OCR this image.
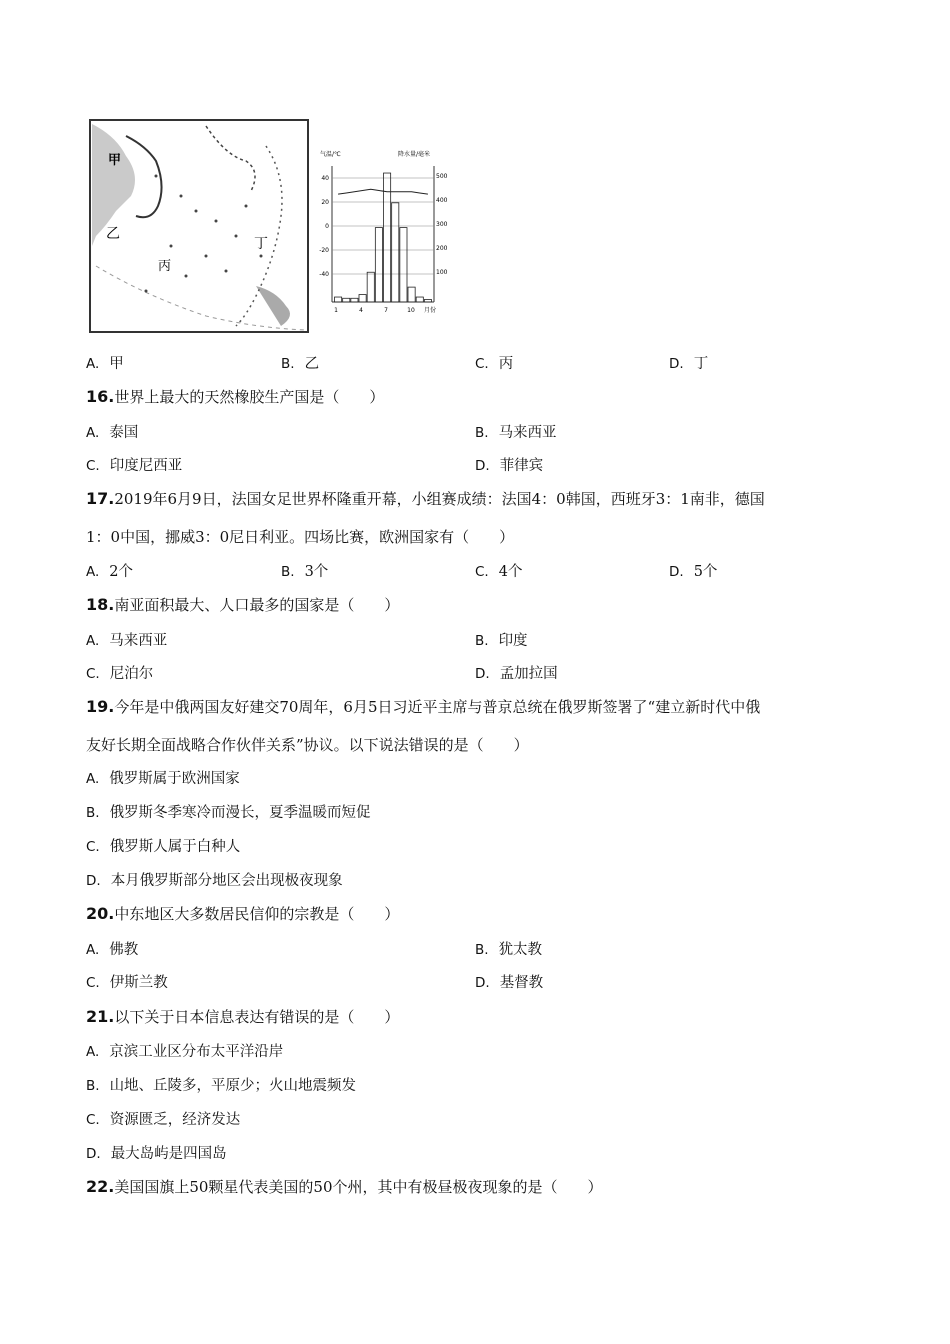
甲
乙
丙
丁
气温/℃	降水量/毫米
40
20
0
-20
-40
500
400
300
200
100
1	4	7	10 月份
A. 甲	B. 乙	C. 丙	D. 丁
16.世界上最大的天然橡胶生产国是（　　）
A. 泰国	B. 马来西亚
C. 印度尼西亚	D. 菲律宾
17.2019年6月9日，法国女足世界杯隆重开幕，小组赛成绩：法国4：0韩国，西班牙3：1南非，德国
1：0中国，挪威3：0尼日利亚。四场比赛，欧洲国家有（　　）
A. 2个	B. 3个	C. 4个	D. 5个
18.南亚面积最大、人口最多的国家是（　　）
A. 马来西亚	B. 印度
C. 尼泊尔	D. 孟加拉国
19.今年是中俄两国友好建交70周年，6月5日习近平主席与普京总统在俄罗斯签署了“建立新时代中俄
友好长期全面战略合作伙伴关系”协议。以下说法错误的是（　　）
A. 俄罗斯属于欧洲国家
B. 俄罗斯冬季寒冷而漫长，夏季温暖而短促
C. 俄罗斯人属于白种人
D. 本月俄罗斯部分地区会出现极夜现象
20.中东地区大多数居民信仰的宗教是（　　）
A. 佛教	B. 犹太教
C. 伊斯兰教	D. 基督教
21.以下关于日本信息表达有错误的是（　　）
A. 京滨工业区分布太平洋沿岸
B. 山地、丘陵多，平原少；火山地震频发
C. 资源匮乏，经济发达
D. 最大岛屿是四国岛
22.美国国旗上50颗星代表美国的50个州，其中有极昼极夜现象的是（　　）
